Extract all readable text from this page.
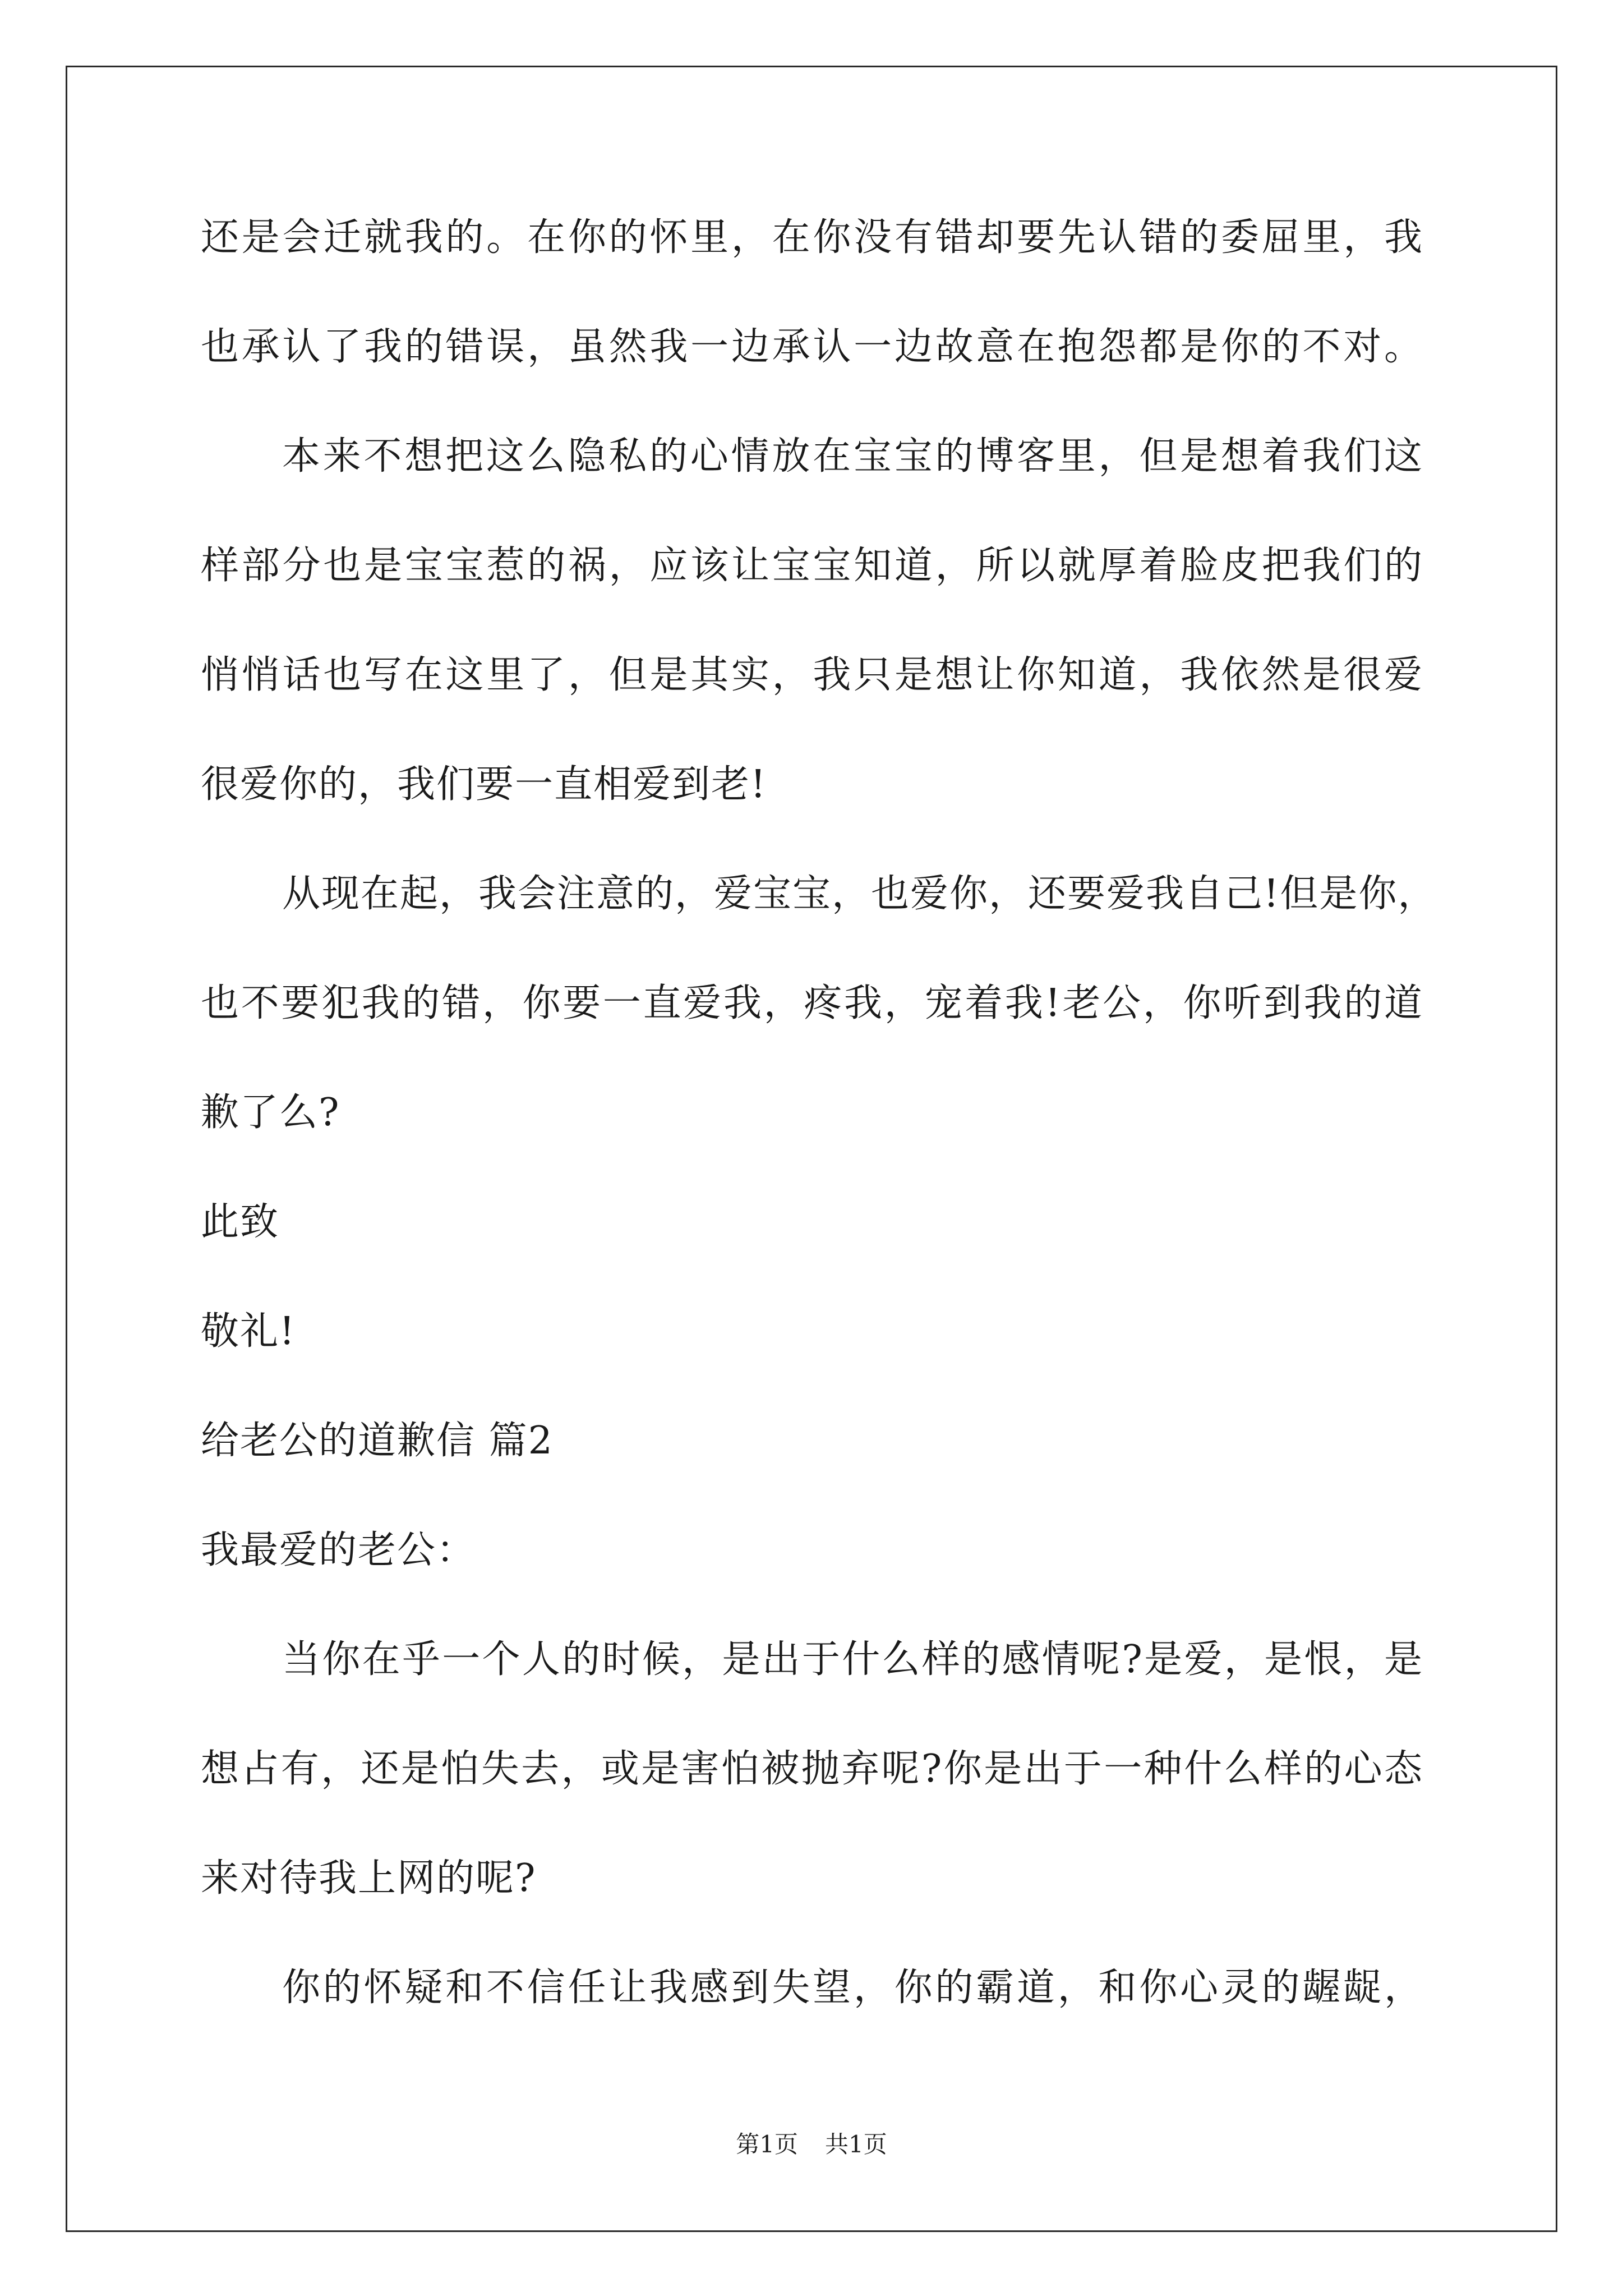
还是会迁就我的。在你的怀里，在你没有错却要先认错的委屈里，我
也承认了我的错误，虽然我一边承认一边故意在抱怨都是你的不对。
本来不想把这么隐私的心情放在宝宝的博客里，但是想着我们这
样部分也是宝宝惹的祸，应该让宝宝知道，所以就厚着脸皮把我们的
悄悄话也写在这里了，但是其实，我只是想让你知道，我依然是很爱
很爱你的，我们要一直相爱到老!
从现在起，我会注意的，爱宝宝，也爱你，还要爱我自己!但是你，
也不要犯我的错，你要一直爱我，疼我，宠着我!老公，你听到我的道
歉了么?
此致
敬礼!
给老公的道歉信 篇2
我最爱的老公：
当你在乎一个人的时候，是出于什么样的感情呢?是爱，是恨，是
想占有，还是怕失去，或是害怕被抛弃呢?你是出于一种什么样的心态
来对待我上网的呢?
你的怀疑和不信任让我感到失望，你的霸道，和你心灵的龌龊，
第1页 共1页
